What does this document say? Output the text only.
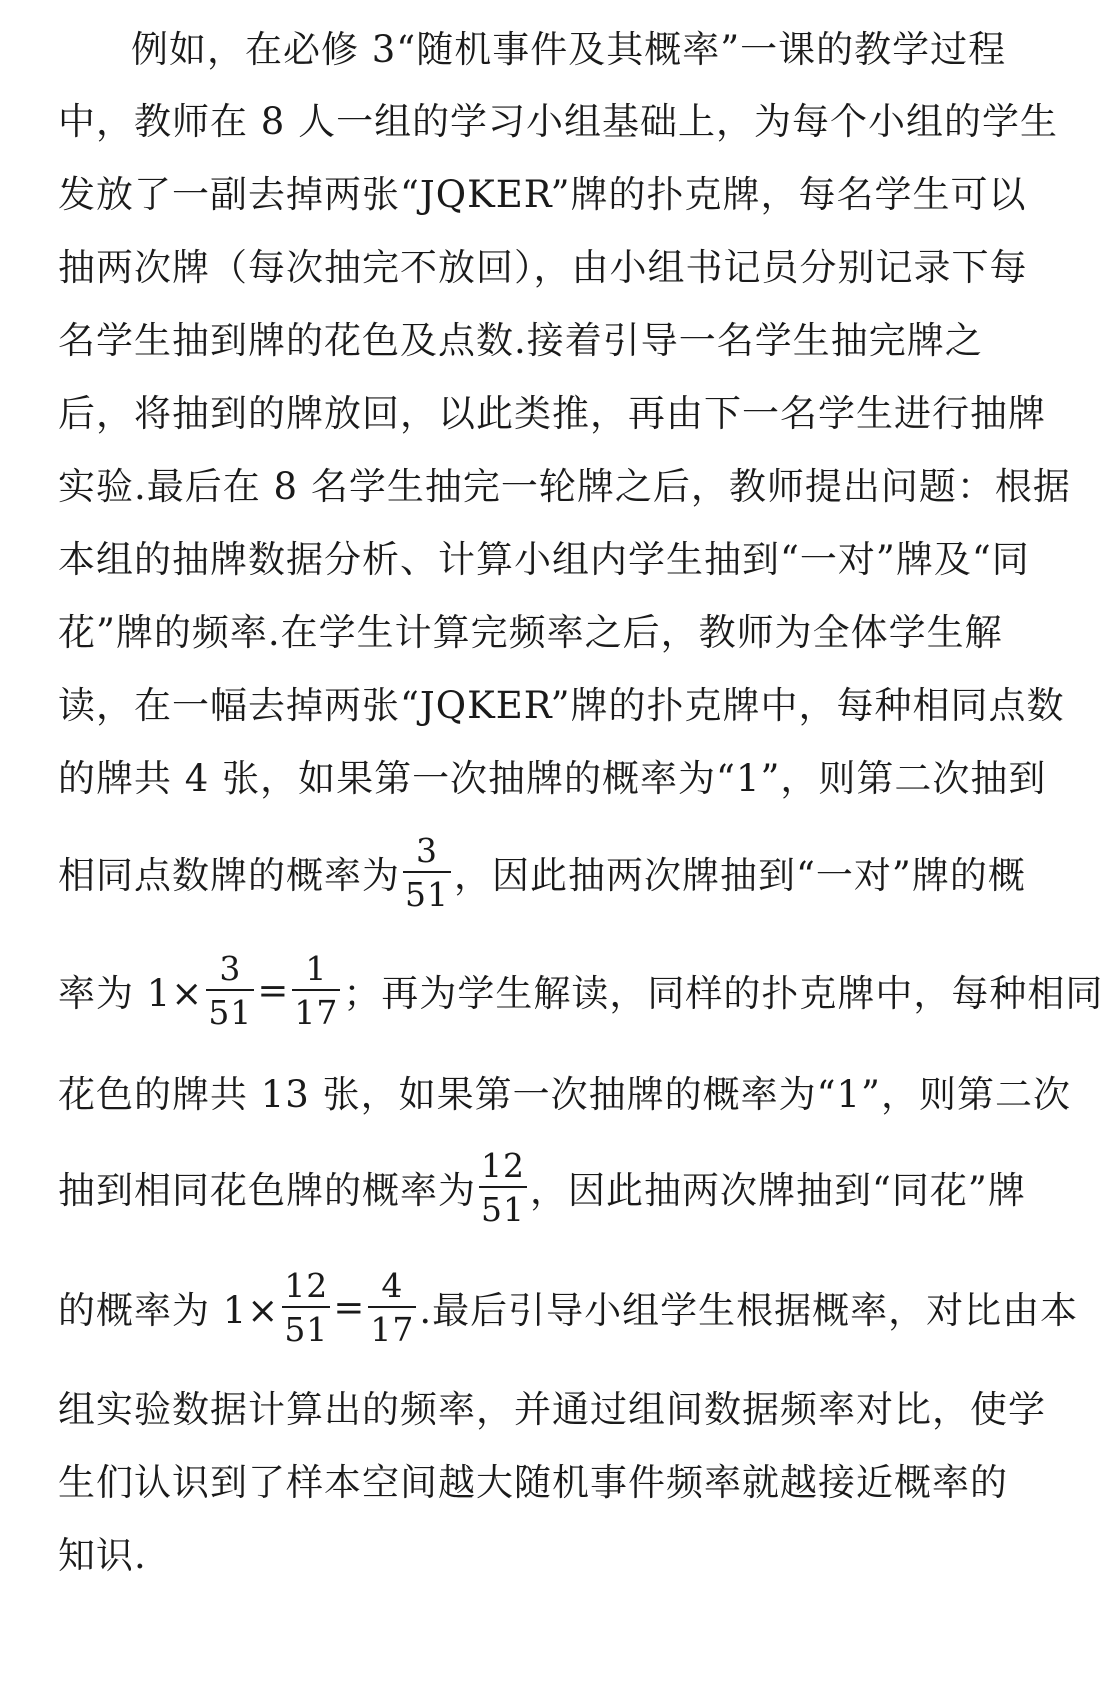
例如，在必修 3“随机事件及其概率”一课的教学过程
中，教师在 8 人一组的学习小组基础上，为每个小组的学生
发放了一副去掉两张“JQKER”牌的扑克牌，每名学生可以
抽两次牌（每次抽完不放回），由小组书记员分别记录下每
名学生抽到牌的花色及点数.接着引导一名学生抽完牌之
后，将抽到的牌放回，以此类推，再由下一名学生进行抽牌
实验.最后在 8 名学生抽完一轮牌之后，教师提出问题：根据
本组的抽牌数据分析、计算小组内学生抽到“一对”牌及“同
花”牌的频率.在学生计算完频率之后，教师为全体学生解
读，在一幅去掉两张“JQKER”牌的扑克牌中，每种相同点数
的牌共 4 张，如果第一次抽牌的概率为“1”，则第二次抽到
相同点数牌的概率为 $\frac{3}{51}$ ，因此抽两次牌抽到“一对”牌的概
率为 $1\times \frac{3}{51} = \frac{1}{17}$ ；再为学生解读，同样的扑克牌中，每种相同
花色的牌共 13 张，如果第一次抽牌的概率为“1”，则第二次
抽到相同花色牌的概率为 $\frac{12}{51}$ ，因此抽两次牌抽到“同花”牌
的概率为 $1\times \frac{12}{51} = \frac{4}{17}$ .最后引导小组学生根据概率，对比由本
组实验数据计算出的频率，并通过组间数据频率对比，使学
生们认识到了样本空间越大随机事件频率就越接近概率的
知识.
